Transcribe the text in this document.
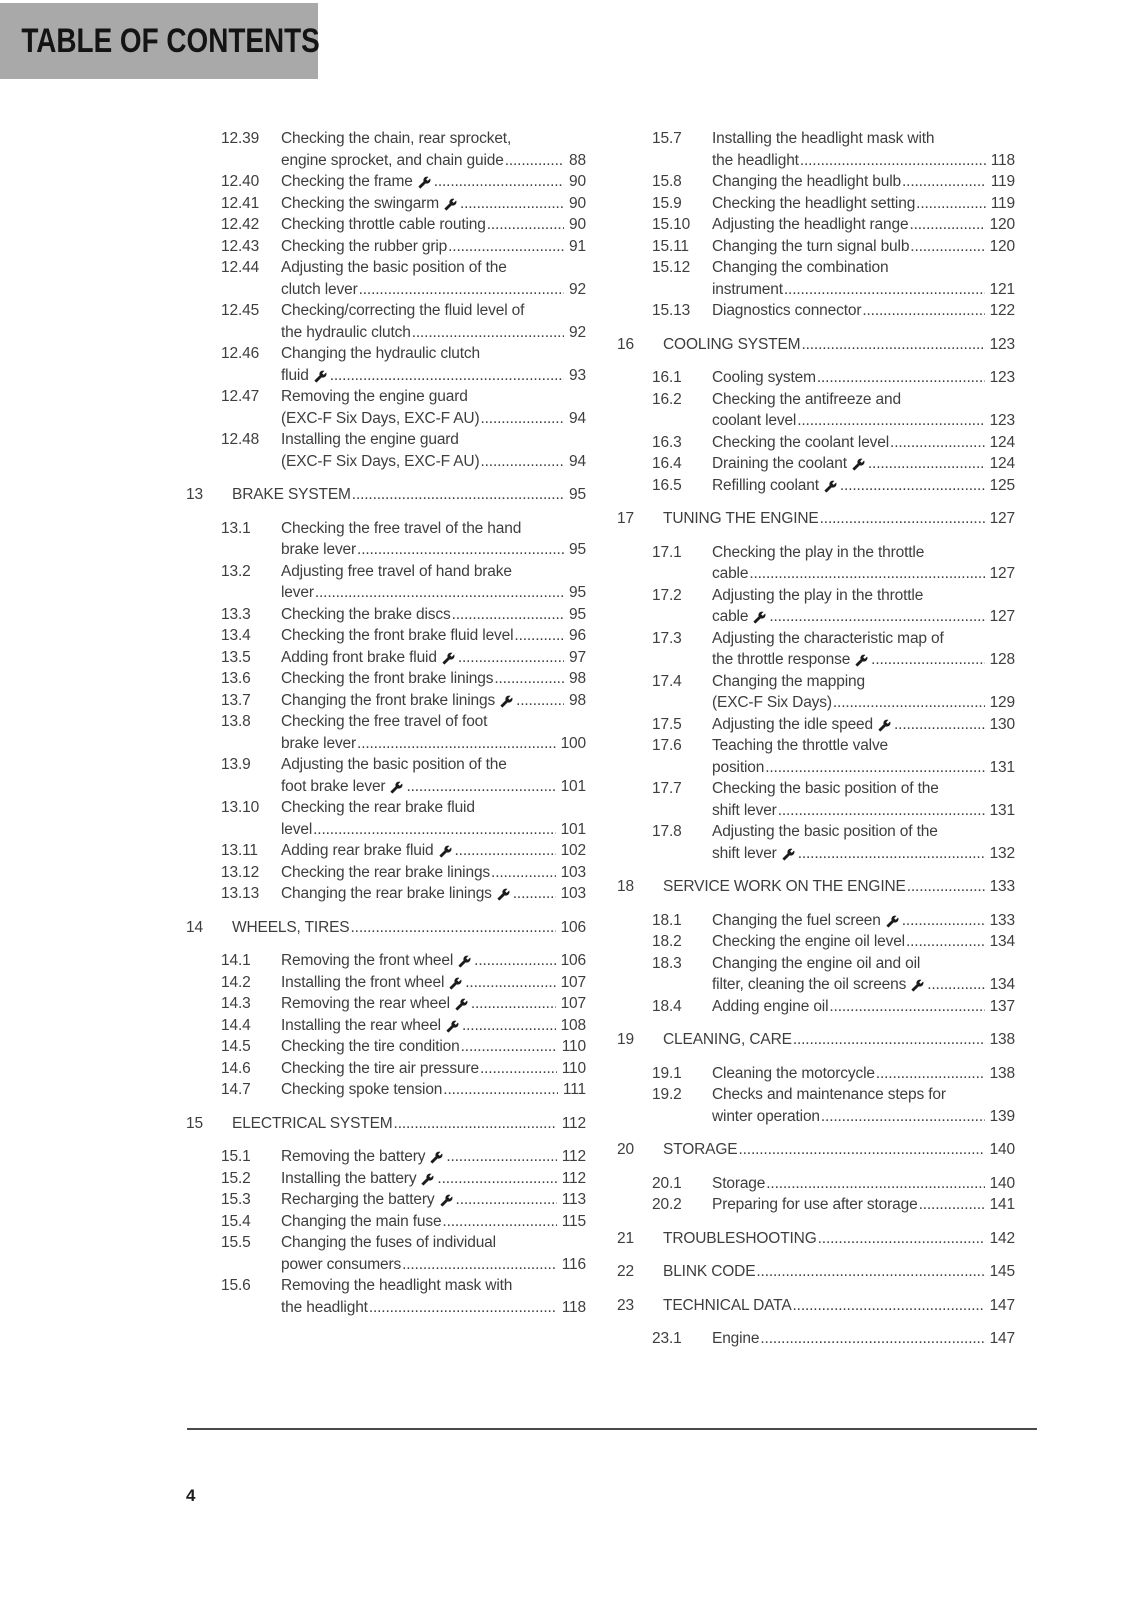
TABLE OF CONTENTS
12.39	Checking the chain, rear sprocket,
engine sprocket, and chain guide .....	88
12.40	Checking the frame .....	90
12.41	Checking the swingarm .....	90
12.42	Checking throttle cable routing .....	90
12.43	Checking the rubber grip .....	91
12.44	Adjusting the basic position of the
clutch lever .....	92
12.45	Checking/correcting the fluid level of
the hydraulic clutch .....	92
12.46	Changing the hydraulic clutch
fluid .....	93
12.47	Removing the engine guard
(EXC-F Six Days, EXC-F AU) .....	94
12.48	Installing the engine guard
(EXC-F Six Days, EXC-F AU) .....	94
13	BRAKE SYSTEM .....	95
13.1	Checking the free travel of the hand
brake lever .....	95
13.2	Adjusting free travel of hand brake
lever .....	95
13.3	Checking the brake discs .....	95
13.4	Checking the front brake fluid level .....	96
13.5	Adding front brake fluid .....	97
13.6	Checking the front brake linings .....	98
13.7	Changing the front brake linings .....	98
13.8	Checking the free travel of foot
brake lever .....	100
13.9	Adjusting the basic position of the
foot brake lever .....	101
13.10	Checking the rear brake fluid
level .....	101
13.11	Adding rear brake fluid .....	102
13.12	Checking the rear brake linings .....	103
13.13	Changing the rear brake linings .....	103
14	WHEELS, TIRES .....	106
14.1	Removing the front wheel .....	106
14.2	Installing the front wheel .....	107
14.3	Removing the rear wheel .....	107
14.4	Installing the rear wheel .....	108
14.5	Checking the tire condition .....	110
14.6	Checking the tire air pressure .....	110
14.7	Checking spoke tension .....	111
15	ELECTRICAL SYSTEM .....	112
15.1	Removing the battery .....	112
15.2	Installing the battery .....	112
15.3	Recharging the battery .....	113
15.4	Changing the main fuse .....	115
15.5	Changing the fuses of individual
power consumers .....	116
15.6	Removing the headlight mask with
the headlight .....	118
15.7	Installing the headlight mask with
the headlight .....	118
15.8	Changing the headlight bulb .....	119
15.9	Checking the headlight setting .....	119
15.10	Adjusting the headlight range .....	120
15.11	Changing the turn signal bulb .....	120
15.12	Changing the combination
instrument .....	121
15.13	Diagnostics connector .....	122
16	COOLING SYSTEM .....	123
16.1	Cooling system .....	123
16.2	Checking the antifreeze and
coolant level .....	123
16.3	Checking the coolant level .....	124
16.4	Draining the coolant .....	124
16.5	Refilling coolant .....	125
17	TUNING THE ENGINE .....	127
17.1	Checking the play in the throttle
cable .....	127
17.2	Adjusting the play in the throttle
cable .....	127
17.3	Adjusting the characteristic map of
the throttle response .....	128
17.4	Changing the mapping
(EXC-F Six Days) .....	129
17.5	Adjusting the idle speed .....	130
17.6	Teaching the throttle valve
position .....	131
17.7	Checking the basic position of the
shift lever .....	131
17.8	Adjusting the basic position of the
shift lever .....	132
18	SERVICE WORK ON THE ENGINE .....	133
18.1	Changing the fuel screen .....	133
18.2	Checking the engine oil level .....	134
18.3	Changing the engine oil and oil
filter, cleaning the oil screens .....	134
18.4	Adding engine oil .....	137
19	CLEANING, CARE .....	138
19.1	Cleaning the motorcycle .....	138
19.2	Checks and maintenance steps for
winter operation .....	139
20	STORAGE .....	140
20.1	Storage .....	140
20.2	Preparing for use after storage .....	141
21	TROUBLESHOOTING .....	142
22	BLINK CODE .....	145
23	TECHNICAL DATA .....	147
23.1	Engine .....	147
4
